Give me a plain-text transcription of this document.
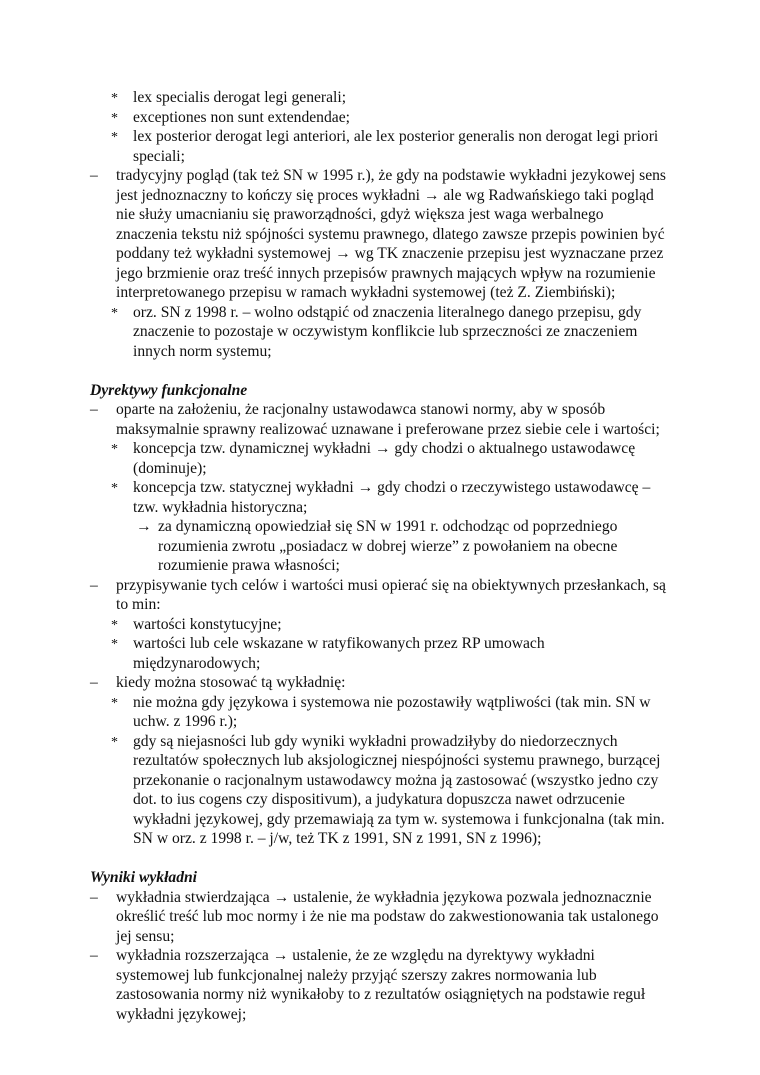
* lex specialis derogat legi generali;
* exceptiones non sunt extendendae;
* lex posterior derogat legi anteriori, ale lex posterior generalis non derogat legi priori speciali;
– tradycyjny pogląd (tak też SN w 1995 r.), że gdy na podstawie wykładni jezykowej sens jest jednoznaczny to kończy się proces wykładni → ale wg Radwańskiego taki pogląd nie służy umacnianiu się praworządności, gdyż większa jest waga werbalnego znaczenia tekstu niż spójności systemu prawnego, dlatego zawsze przepis powinien być poddany też wykładni systemowej → wg TK znaczenie przepisu jest wyznaczane przez jego brzmienie oraz treść innych przepisów prawnych mających wpływ na rozumienie interpretowanego przepisu w ramach wykładni systemowej (też Z. Ziembiński);
* orz. SN z 1998 r. – wolno odstąpić od znaczenia literalnego danego przepisu, gdy znaczenie to pozostaje w oczywistym konflikcie lub sprzeczności ze znaczeniem innych norm systemu;
Dyrektywy funkcjonalne
– oparte na założeniu, że racjonalny ustawodawca stanowi normy, aby w sposób maksymalnie sprawny realizować uznawane i preferowane przez siebie cele i wartości;
* koncepcja tzw. dynamicznej wykładni → gdy chodzi o aktualnego ustawodawcę (dominuje);
* koncepcja tzw. statycznej wykładni → gdy chodzi o rzeczywistego ustawodawcę – tzw. wykładnia historyczna;
→ za dynamiczną opowiedział się SN w 1991 r. odchodząc od poprzedniego rozumienia zwrotu „posiadacz w dobrej wierze” z powołaniem na obecne rozumienie prawa własności;
– przypisywanie tych celów i wartości musi opierać się na obiektywnych przesłankach, są to min:
* wartości konstytucyjne;
* wartości lub cele wskazane w ratyfikowanych przez RP umowach międzynarodowych;
– kiedy można stosować tą wykładnię:
* nie można gdy językowa i systemowa nie pozostawiły wątpliwości (tak min. SN w uchw. z 1996 r.);
* gdy są niejasności lub gdy wyniki wykładni prowadziłyby do niedorzecznych rezultatów społecznych lub aksjologicznej niespójności systemu prawnego, burzącej przekonanie o racjonalnym ustawodawcy można ją zastosować (wszystko jedno czy dot. to ius cogens czy dispositivum), a judykatura dopuszcza nawet odrzucenie wykładni językowej, gdy przemawiają za tym w. systemowa i funkcjonalna (tak min. SN w orz. z 1998 r. – j/w, też TK z 1991, SN z 1991, SN z 1996);
Wyniki wykładni
– wykładnia stwierdzająca → ustalenie, że wykładnia językowa pozwala jednoznacznie określić treść lub moc normy i że nie ma podstaw do zakwestionowania tak ustalonego jej sensu;
– wykładnia rozszerzająca → ustalenie, że ze względu na dyrektywy wykładni systemowej lub funkcjonalnej należy przyjąć szerszy zakres normowania lub zastosowania normy niż wynikałoby to z rezultatów osiągniętych na podstawie reguł wykładni językowej;
